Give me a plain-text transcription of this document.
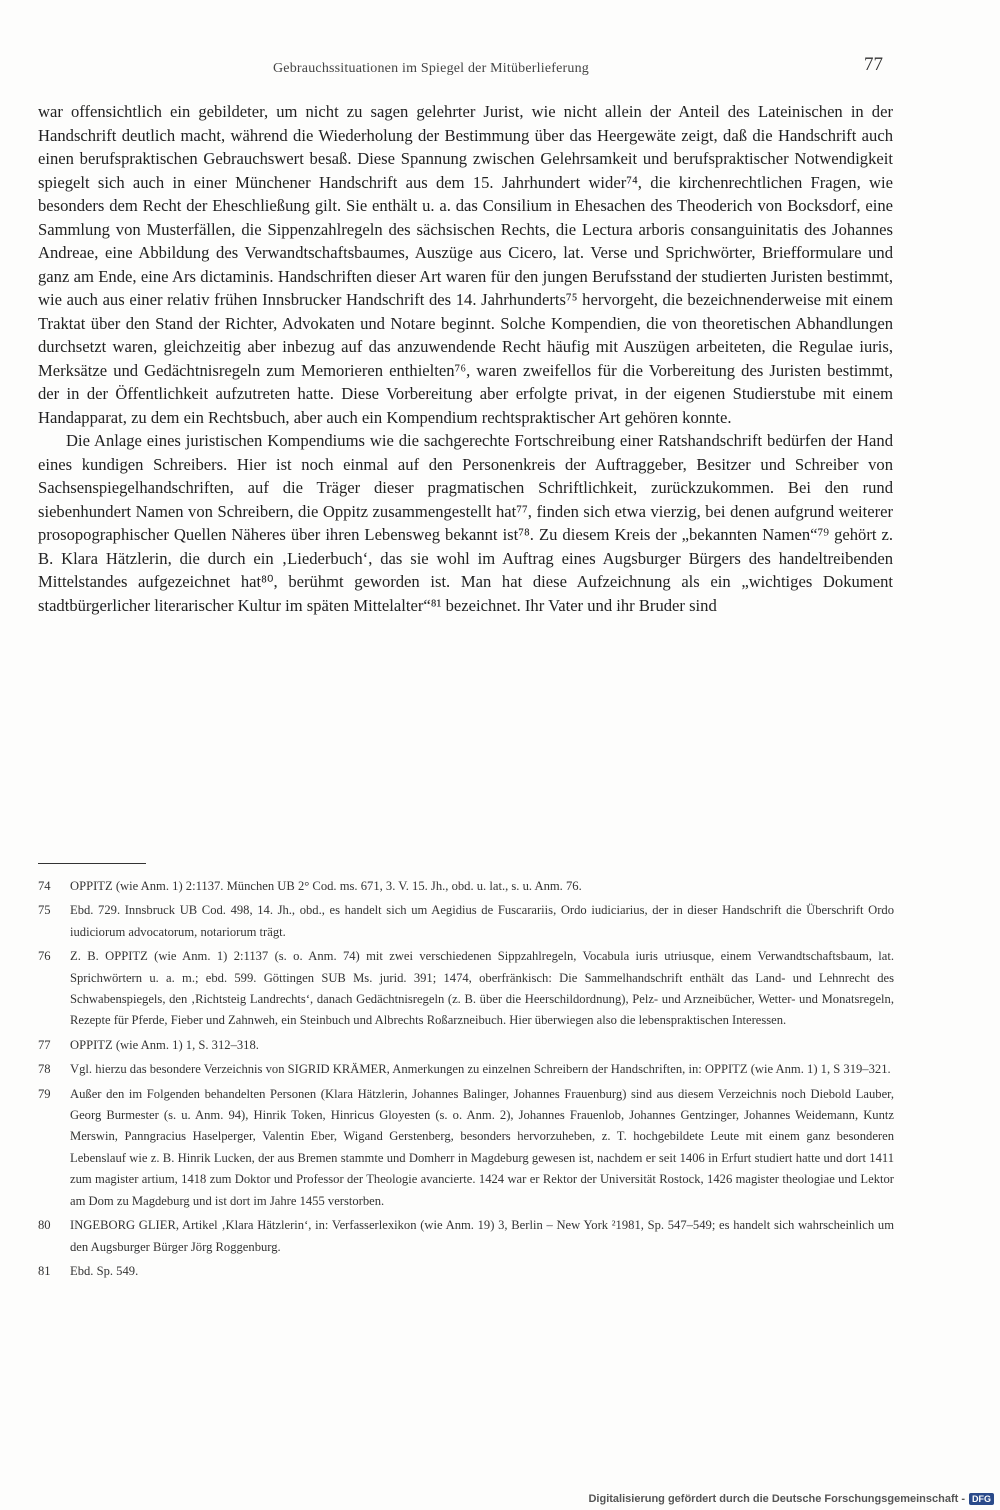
Gebrauchssituationen im Spiegel der Mitüberlieferung	77

war offensichtlich ein gebildeter, um nicht zu sagen gelehrter Jurist, wie nicht allein der Anteil des Lateinischen in der Handschrift deutlich macht, während die Wiederholung der Bestimmung über das Heergewäte zeigt, daß die Handschrift auch einen berufspraktischen Gebrauchswert besaß. Diese Spannung zwischen Gelehrsamkeit und berufspraktischer Notwendigkeit spiegelt sich auch in einer Münchener Handschrift aus dem 15. Jahrhundert wider⁷⁴, die kirchenrechtlichen Fragen, wie besonders dem Recht der Eheschließung gilt. Sie enthält u. a. das Consilium in Ehesachen des Theoderich von Bocksdorf, eine Sammlung von Musterfällen, die Sippenzahlregeln des sächsischen Rechts, die Lectura arboris consanguinitatis des Johannes Andreae, eine Abbildung des Verwandtschaftsbaumes, Auszüge aus Cicero, lat. Verse und Sprichwörter, Briefformulare und ganz am Ende, eine Ars dictaminis. Handschriften dieser Art waren für den jungen Berufsstand der studierten Juristen bestimmt, wie auch aus einer relativ frühen Innsbrucker Handschrift des 14. Jahrhunderts⁷⁵ hervorgeht, die bezeichnenderweise mit einem Traktat über den Stand der Richter, Advokaten und Notare beginnt. Solche Kompendien, die von theoretischen Abhandlungen durchsetzt waren, gleichzeitig aber inbezug auf das anzuwendende Recht häufig mit Auszügen arbeiteten, die Regulae iuris, Merksätze und Gedächtnisregeln zum Memorieren enthielten⁷⁶, waren zweifellos für die Vorbereitung des Juristen bestimmt, der in der Öffentlichkeit aufzutreten hatte. Diese Vorbereitung aber erfolgte privat, in der eigenen Studierstube mit einem Handapparat, zu dem ein Rechtsbuch, aber auch ein Kompendium rechtspraktischer Art gehören konnte.

Die Anlage eines juristischen Kompendiums wie die sachgerechte Fortschreibung einer Ratshandschrift bedürfen der Hand eines kundigen Schreibers. Hier ist noch einmal auf den Personenkreis der Auftraggeber, Besitzer und Schreiber von Sachsenspiegelhandschriften, auf die Träger dieser pragmatischen Schriftlichkeit, zurückzukommen. Bei den rund siebenhundert Namen von Schreibern, die Oppitz zusammengestellt hat⁷⁷, finden sich etwa vierzig, bei denen aufgrund weiterer prosopographischer Quellen Näheres über ihren Lebensweg bekannt ist⁷⁸. Zu diesem Kreis der „bekannten Namen“⁷⁹ gehört z. B. Klara Hätzlerin, die durch ein ‚Liederbuch‘, das sie wohl im Auftrag eines Augsburger Bürgers des handeltreibenden Mittelstandes aufgezeichnet hat⁸⁰, berühmt geworden ist. Man hat diese Aufzeichnung als ein „wichtiges Dokument stadtbürgerlicher literarischer Kultur im späten Mittelalter“⁸¹ bezeichnet. Ihr Vater und ihr Bruder sind

74	OPPITZ (wie Anm. 1) 2:1137. München UB 2° Cod. ms. 671, 3. V. 15. Jh., obd. u. lat., s. u. Anm. 76.
75	Ebd. 729. Innsbruck UB Cod. 498, 14. Jh., obd., es handelt sich um Aegidius de Fuscarariis, Ordo iudiciarius, der in dieser Handschrift die Überschrift Ordo iudiciorum advocatorum, notariorum trägt.
76	Z. B. OPPITZ (wie Anm. 1) 2:1137 (s. o. Anm. 74) mit zwei verschiedenen Sippzahlregeln, Vocabula iuris utriusque, einem Verwandtschaftsbaum, lat. Sprichwörtern u. a. m.; ebd. 599. Göttingen SUB Ms. jurid. 391; 1474, oberfränkisch: Die Sammelhandschrift enthält das Land- und Lehnrecht des Schwabenspiegels, den ‚Richtsteig Landrechts‘, danach Gedächtnisregeln (z. B. über die Heerschildordnung), Pelz- und Arzneibücher, Wetter- und Monatsregeln, Rezepte für Pferde, Fieber und Zahnweh, ein Steinbuch und Albrechts Roßarzneibuch. Hier überwiegen also die lebenspraktischen Interessen.
77	OPPITZ (wie Anm. 1) 1, S. 312–318.
78	Vgl. hierzu das besondere Verzeichnis von SIGRID KRÄMER, Anmerkungen zu einzelnen Schreibern der Handschriften, in: OPPITZ (wie Anm. 1) 1, S 319–321.
79	Außer den im Folgenden behandelten Personen (Klara Hätzlerin, Johannes Balinger, Johannes Frauenburg) sind aus diesem Verzeichnis noch Diebold Lauber, Georg Burmester (s. u. Anm. 94), Hinrik Token, Hinricus Gloyesten (s. o. Anm. 2), Johannes Frauenlob, Johannes Gentzinger, Johannes Weidemann, Kuntz Merswin, Panngracius Haselperger, Valentin Eber, Wigand Gerstenberg, besonders hervorzuheben, z. T. hochgebildete Leute mit einem ganz besonderen Lebenslauf wie z. B. Hinrik Lucken, der aus Bremen stammte und Domherr in Magdeburg gewesen ist, nachdem er seit 1406 in Erfurt studiert hatte und dort 1411 zum magister artium, 1418 zum Doktor und Professor der Theologie avancierte. 1424 war er Rektor der Universität Rostock, 1426 magister theologiae und Lektor am Dom zu Magdeburg und ist dort im Jahre 1455 verstorben.
80	INGEBORG GLIER, Artikel ‚Klara Hätzlerin‘, in: Verfasserlexikon (wie Anm. 19) 3, Berlin – New York ²1981, Sp. 547–549; es handelt sich wahrscheinlich um den Augsburger Bürger Jörg Roggenburg.
81	Ebd. Sp. 549.
Digitalisierung gefördert durch die Deutsche Forschungsgemeinschaft - DFG
